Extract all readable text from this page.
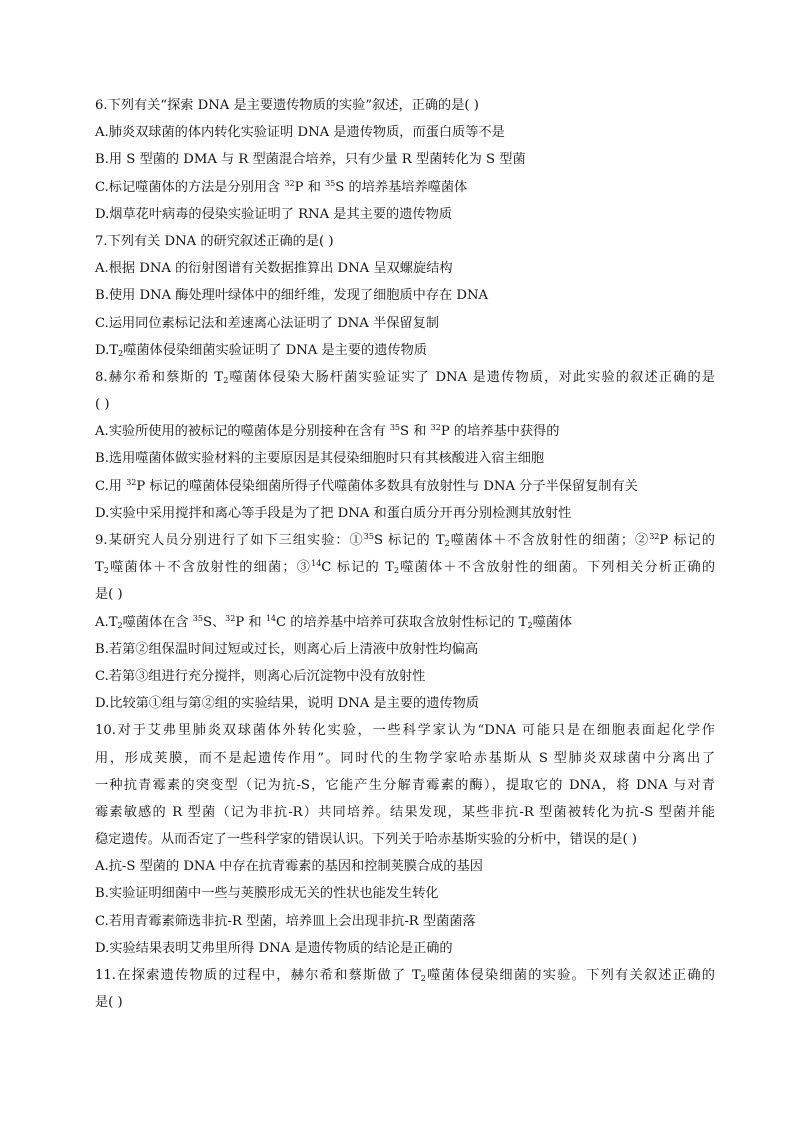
6.下列有关“探索 DNA 是主要遗传物质的实验”叙述，正确的是( )
A.肺炎双球菌的体内转化实验证明 DNA 是遗传物质，而蛋白质等不是
B.用 S 型菌的 DMA 与 R 型菌混合培养，只有少量 R 型菌转化为 S 型菌
C.标记噬菌体的方法是分别用含 $^{32}$P 和 $^{35}$S 的培养基培养噬菌体
D.烟草花叶病毒的侵染实验证明了 RNA 是其主要的遗传物质
7.下列有关 DNA 的研究叙述正确的是( )
A.根据 DNA 的衍射图谱有关数据推算出 DNA 呈双螺旋结构
B.使用 DNA 酶处理叶绿体中的细纤维，发现了细胞质中存在 DNA
C.运用同位素标记法和差速离心法证明了 DNA 半保留复制
$D.T_2$噬菌体侵染细菌实验证明了 DNA 是主要的遗传物质
8.赫尔希和蔡斯的 $T_2$噬菌体侵染大肠杆菌实验证实了 DNA 是遗传物质，对此实验的叙述正确的是
( )
A.实验所使用的被标记的噬菌体是分别接种在含有 $^{35}$S 和 $^{32}$P 的培养基中获得的
B.选用噬菌体做实验材料的主要原因是其侵染细胞时只有其核酸进入宿主细胞
C.用 $^{32}$P 标记的噬菌体侵染细菌所得子代噬菌体多数具有放射性与 DNA 分子半保留复制有关
D.实验中采用搅拌和离心等手段是为了把 DNA 和蛋白质分开再分别检测其放射性
9.某研究人员分别进行了如下三组实验：①$^{35}$S 标记的 $T_2$噬菌体＋不含放射性的细菌；②$^{32}$P 标记的
$T_2$噬菌体＋不含放射性的细菌；③$^{14}$C 标记的 $T_2$噬菌体＋不含放射性的细菌。下列相关分析正确的
是( )
$A.T_2$噬菌体在含 $^{35}$S、$^{32}$P 和 $^{14}$C 的培养基中培养可获取含放射性标记的 $T_2$噬菌体
B.若第②组保温时间过短或过长，则离心后上清液中放射性均偏高
C.若第③组进行充分搅拌，则离心后沉淀物中没有放射性
D.比较第①组与第②组的实验结果，说明 DNA 是主要的遗传物质
10.对于艾弗里肺炎双球菌体外转化实验，一些科学家认为“DNA 可能只是在细胞表面起化学作
用，形成荚膜，而不是起遗传作用”。同时代的生物学家哈赤基斯从 S 型肺炎双球菌中分离出了
一种抗青霉素的突变型（记为抗-S，它能产生分解青霉素的酶），提取它的 DNA，将 DNA 与对青
霉素敏感的 R 型菌（记为非抗-R）共同培养。结果发现，某些非抗-R 型菌被转化为抗-S 型菌并能
稳定遗传。从而否定了一些科学家的错误认识。下列关于哈赤基斯实验的分析中，错误的是( )
A.抗-S 型菌的 DNA 中存在抗青霉素的基因和控制荚膜合成的基因
B.实验证明细菌中一些与荚膜形成无关的性状也能发生转化
C.若用青霉素筛选非抗-R 型菌，培养皿上会出现非抗-R 型菌菌落
D.实验结果表明艾弗里所得 DNA 是遗传物质的结论是正确的
11.在探索遗传物质的过程中，赫尔希和蔡斯做了 $T_2$噬菌体侵染细菌的实验。下列有关叙述正确的
是( )
